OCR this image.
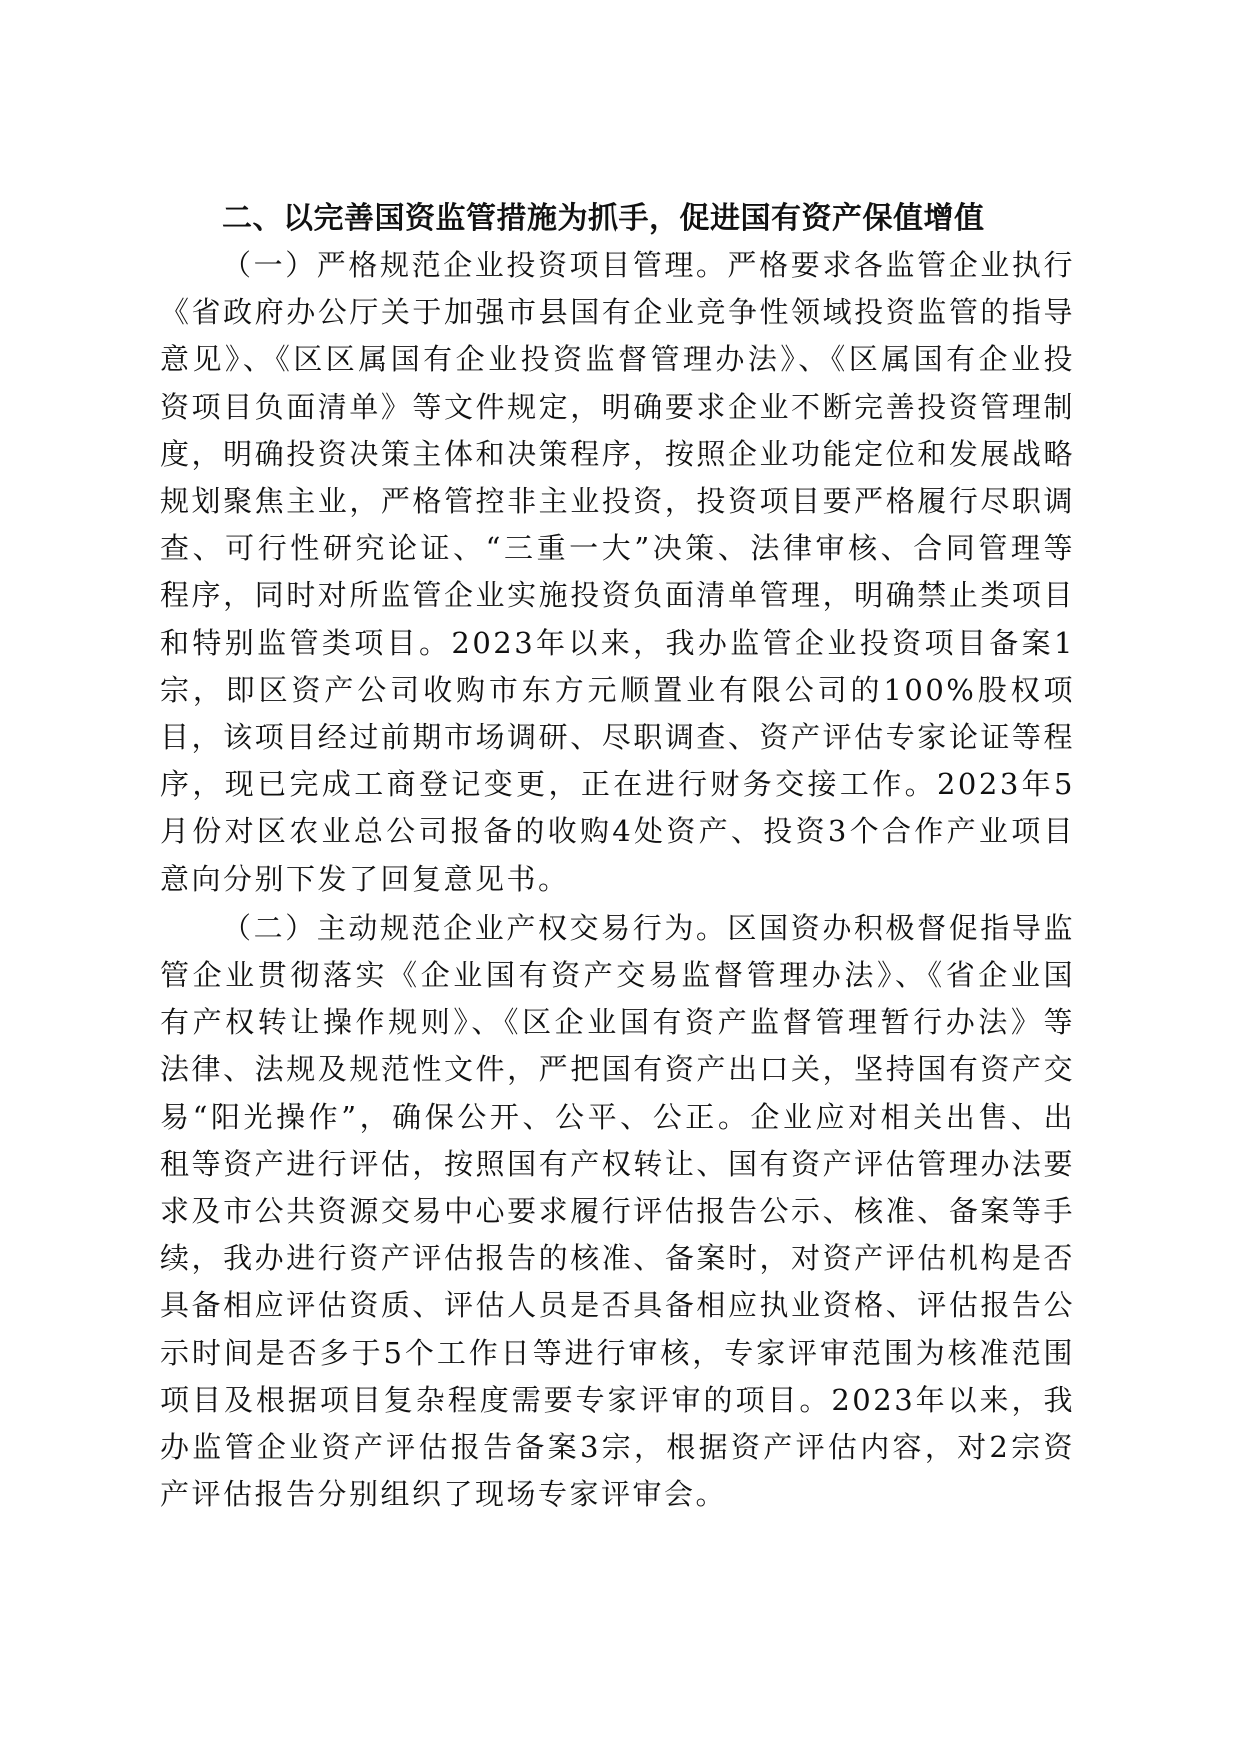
二、以完善国资监管措施为抓手，促进国有资产保值增值

（一）严格规范企业投资项目管理。严格要求各监管企业执行《省政府办公厅关于加强市县国有企业竞争性领域投资监管的指导意见》、《区区属国有企业投资监督管理办法》、《区属国有企业投资项目负面清单》等文件规定，明确要求企业不断完善投资管理制度，明确投资决策主体和决策程序，按照企业功能定位和发展战略规划聚焦主业，严格管控非主业投资，投资项目要严格履行尽职调查、可行性研究论证、“三重一大”决策、法律审核、合同管理等程序，同时对所监管企业实施投资负面清单管理，明确禁止类项目和特别监管类项目。2023年以来，我办监管企业投资项目备案1宗，即区资产公司收购市东方元顺置业有限公司的100%股权项目，该项目经过前期市场调研、尽职调查、资产评估专家论证等程序，现已完成工商登记变更，正在进行财务交接工作。2023年5月份对区农业总公司报备的收购4处资产、投资3个合作产业项目意向分别下发了回复意见书。

（二）主动规范企业产权交易行为。区国资办积极督促指导监管企业贯彻落实《企业国有资产交易监督管理办法》、《省企业国有产权转让操作规则》、《区企业国有资产监督管理暂行办法》等法律、法规及规范性文件，严把国有资产出口关，坚持国有资产交易“阳光操作”，确保公开、公平、公正。企业应对相关出售、出租等资产进行评估，按照国有产权转让、国有资产评估管理办法要求及市公共资源交易中心要求履行评估报告公示、核准、备案等手续，我办进行资产评估报告的核准、备案时，对资产评估机构是否具备相应评估资质、评估人员是否具备相应执业资格、评估报告公示时间是否多于5个工作日等进行审核，专家评审范围为核准范围项目及根据项目复杂程度需要专家评审的项目。2023年以来，我办监管企业资产评估报告备案3宗，根据资产评估内容，对2宗资产评估报告分别组织了现场专家评审会。
